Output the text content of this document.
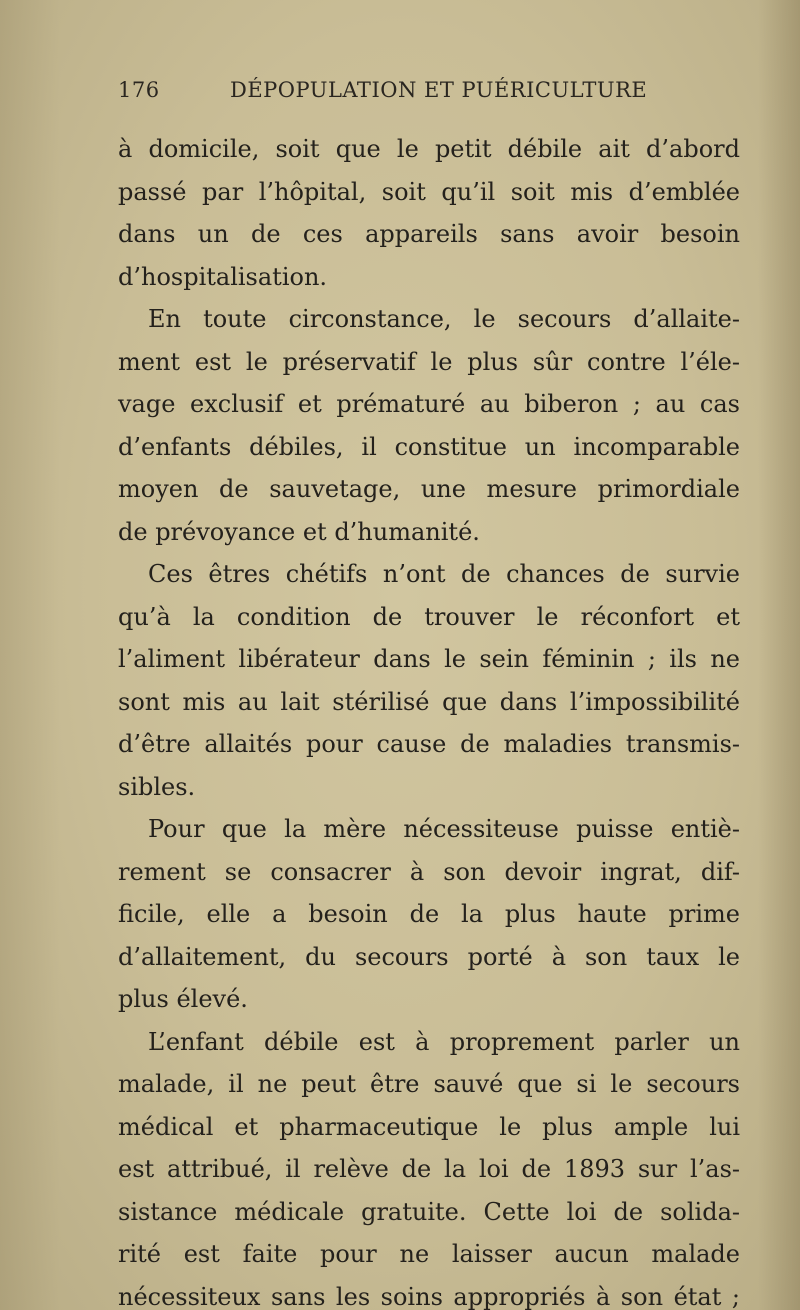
176	DÉPOPULATION ET PUÉRICULTURE
à domicile, soit que le petit débile ait d’abord
passé par l’hôpital, soit qu’il soit mis d’emblée
dans un de ces appareils sans avoir besoin
d’hospitalisation.
En toute circonstance, le secours d’allaite-
ment est le préservatif le plus sûr contre l’éle-
vage exclusif et prématuré au biberon ; au cas
d’enfants débiles, il constitue un incomparable
moyen de sauvetage, une mesure primordiale
de prévoyance et d’humanité.
Ces êtres chétifs n’ont de chances de survie
qu’à la condition de trouver le réconfort et
l’aliment libérateur dans le sein féminin ; ils ne
sont mis au lait stérilisé que dans l’impossibilité
d’être allaités pour cause de maladies transmis-
sibles.
Pour que la mère nécessiteuse puisse entiè-
rement se consacrer à son devoir ingrat, dif-
ficile, elle a besoin de la plus haute prime
d’allaitement, du secours porté à son taux le
plus élevé.
L’enfant débile est à proprement parler un
malade, il ne peut être sauvé que si le secours
médical et pharmaceutique le plus ample lui
est attribué, il relève de la loi de 1893 sur l’as-
sistance médicale gratuite. Cette loi de solida-
rité est faite pour ne laisser aucun malade
nécessiteux sans les soins appropriés à son état ;
